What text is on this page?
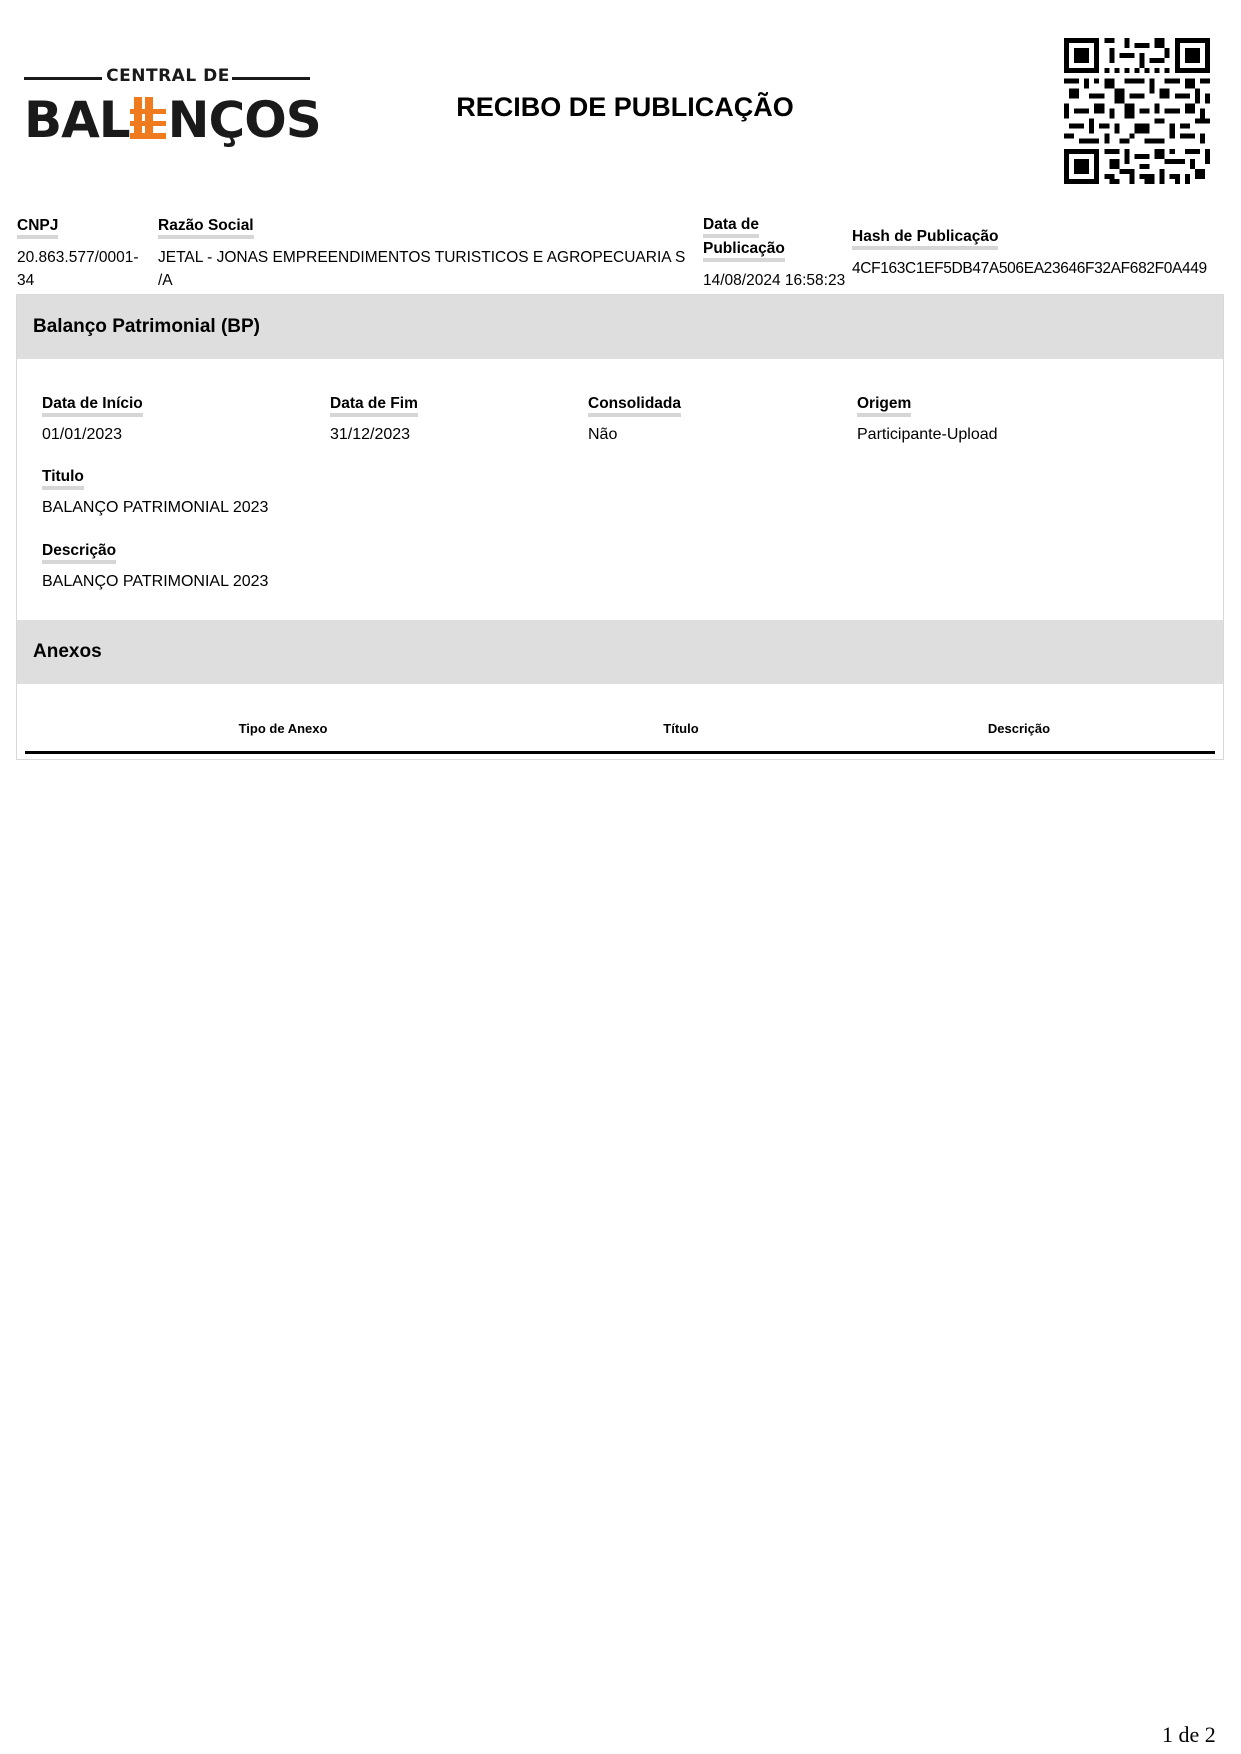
CENTRAL DE
BAL NÇOS	RECIBO DE PUBLICAÇÃO
CNPJ
20.863.577/0001-
34
Razão Social
JETAL - JONAS EMPREENDIMENTOS TURISTICOS E AGROPECUARIA S
/A
Data de
Publicação
14/08/2024 16:58:23
Hash de Publicação
4CF163C1EF5DB47A506EA23646F32AF682F0A449
Balanço Patrimonial (BP)
Data de Início
01/01/2023
Data de Fim
31/12/2023
Consolidada
Não
Origem
Participante-Upload
Titulo
BALANÇO PATRIMONIAL 2023
Descrição
BALANÇO PATRIMONIAL 2023
Anexos
Tipo de Anexo	Título	Descrição
1 de 2
